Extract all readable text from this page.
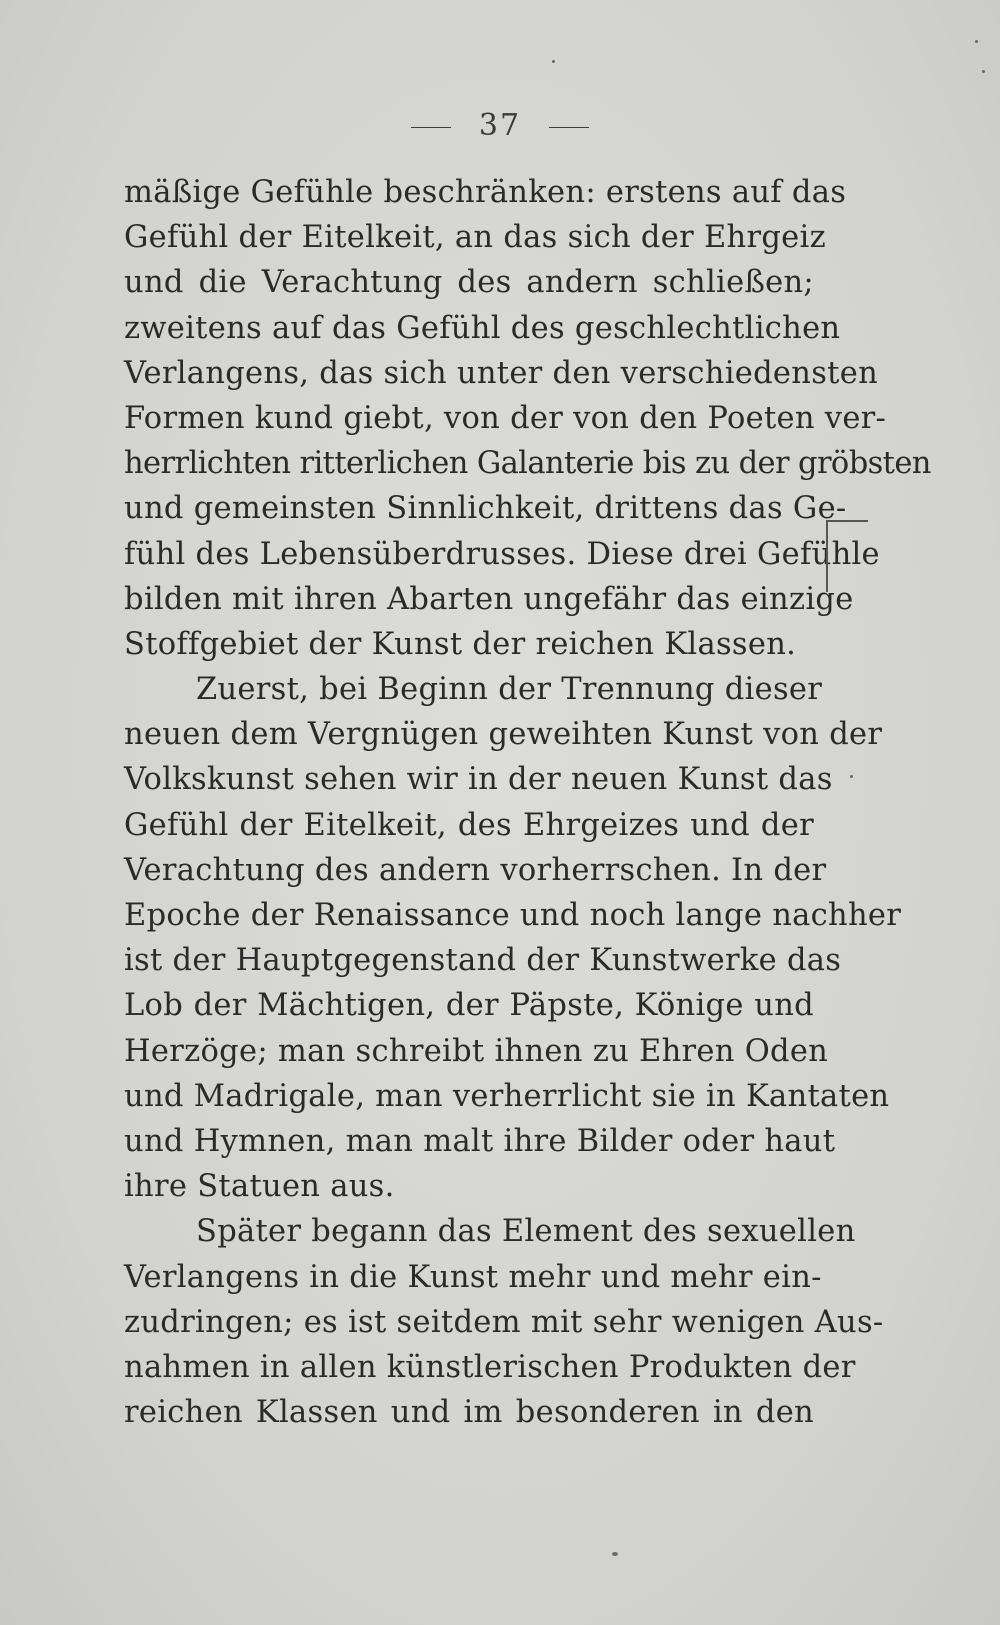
37
mäßige Gefühle beschränken: erstens auf das
Gefühl der Eitelkeit, an das sich der Ehrgeiz
und die Verachtung des andern schließen;
zweitens auf das Gefühl des geschlechtlichen
Verlangens, das sich unter den verschiedensten
Formen kund giebt, von der von den Poeten ver-
herrlichten ritterlichen Galanterie bis zu der gröbsten
und gemeinsten Sinnlichkeit, drittens das Ge-
fühl des Lebensüberdrusses. Diese drei Gefühle
bilden mit ihren Abarten ungefähr das einzige
Stoffgebiet der Kunst der reichen Klassen.
Zuerst, bei Beginn der Trennung dieser
neuen dem Vergnügen geweihten Kunst von der
Volkskunst sehen wir in der neuen Kunst das
Gefühl der Eitelkeit, des Ehrgeizes und der
Verachtung des andern vorherrschen. In der
Epoche der Renaissance und noch lange nachher
ist der Hauptgegenstand der Kunstwerke das
Lob der Mächtigen, der Päpste, Könige und
Herzöge; man schreibt ihnen zu Ehren Oden
und Madrigale, man verherrlicht sie in Kantaten
und Hymnen, man malt ihre Bilder oder haut
ihre Statuen aus.
Später begann das Element des sexuellen
Verlangens in die Kunst mehr und mehr ein-
zudringen; es ist seitdem mit sehr wenigen Aus-
nahmen in allen künstlerischen Produkten der
reichen Klassen und im besonderen in den
